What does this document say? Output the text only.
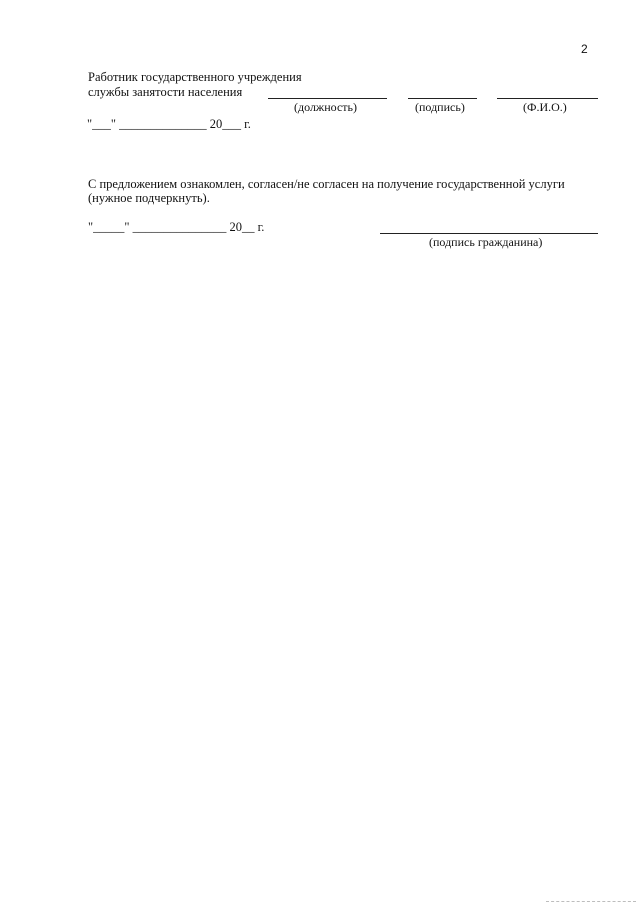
2
Работник государственного учреждения
службы занятости населения
(должность)	(подпись)	(Ф.И.О.)
"___" ______________ 20___ г.
С предложением ознакомлен, согласен/не согласен на получение государственной услуги
(нужное подчеркнуть).
"_____" _______________ 20__ г.
(подпись гражданина)
